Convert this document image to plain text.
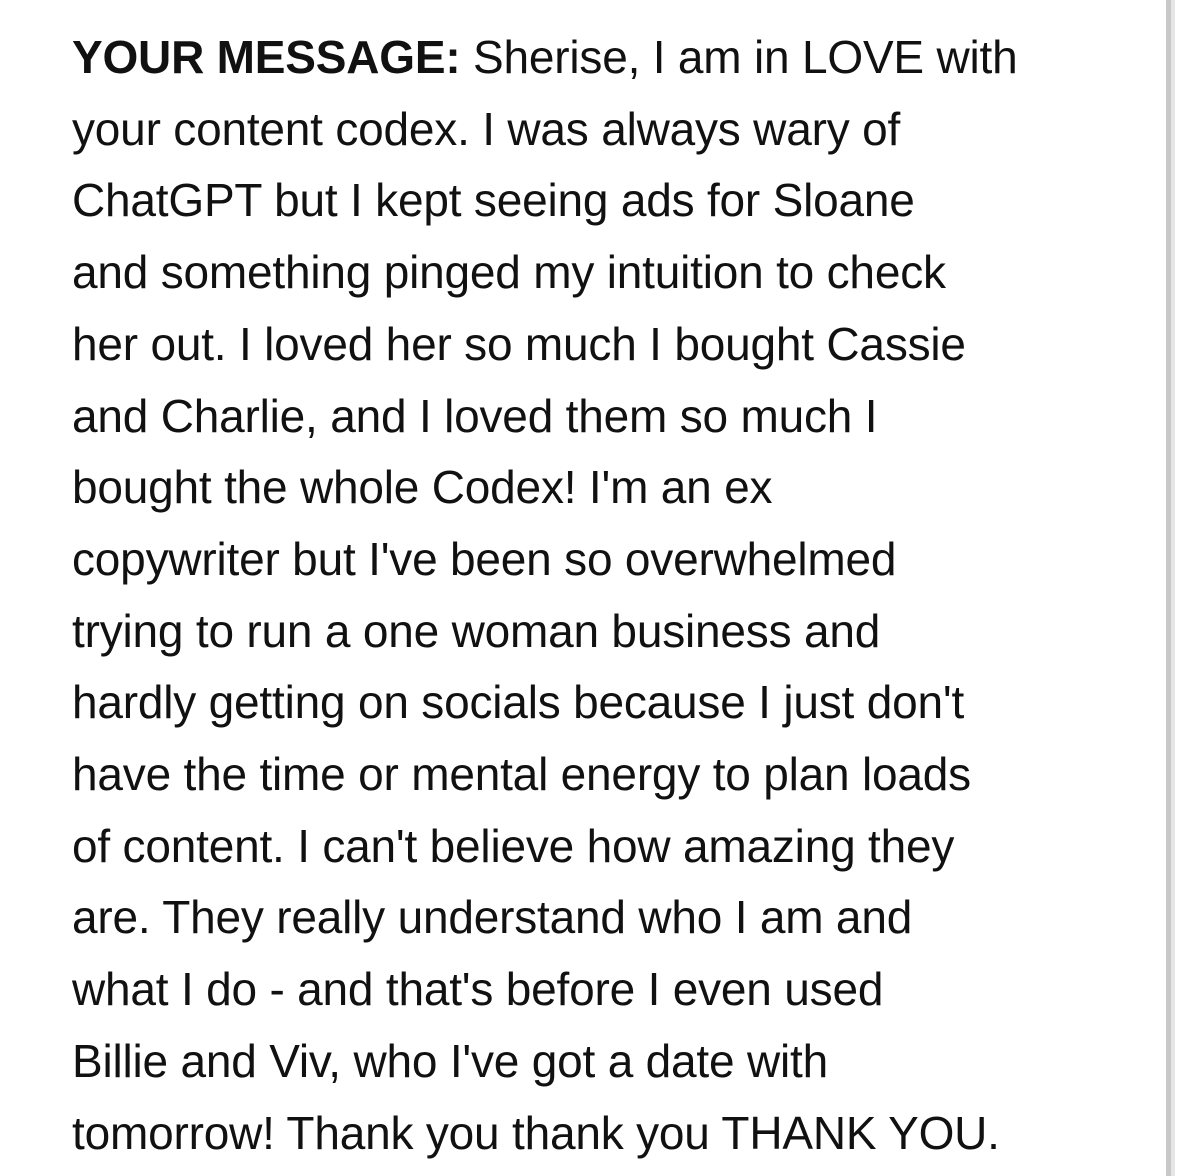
YOUR MESSAGE: Sherise, I am in LOVE with
your content codex. I was always wary of
ChatGPT but I kept seeing ads for Sloane
and something pinged my intuition to check
her out. I loved her so much I bought Cassie
and Charlie, and I loved them so much I
bought the whole Codex! I'm an ex
copywriter but I've been so overwhelmed
trying to run a one woman business and
hardly getting on socials because I just don't
have the time or mental energy to plan loads
of content. I can't believe how amazing they
are. They really understand who I am and
what I do - and that's before I even used
Billie and Viv, who I've got a date with
tomorrow! Thank you thank you THANK YOU.
